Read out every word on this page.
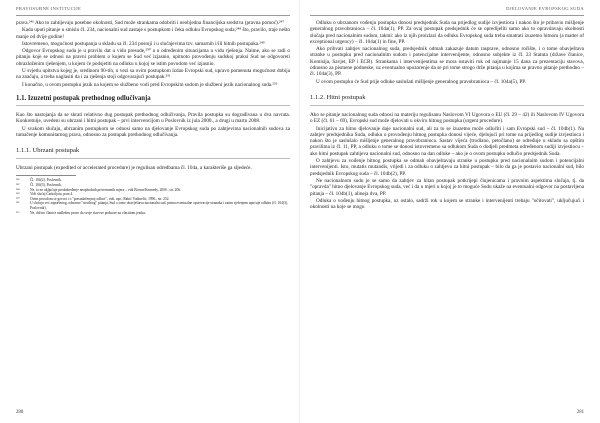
PRAVOSUĐNE INSTITUCIJE

prava.²⁴⁶ Ako to zahtijevaju posebne okolnosti, Sud može strankama odobriti i neobjedna financijska sredstva (pravna pomoć).²⁴⁷

Kada uputi pitanje u smislu čl. 234, nacionalni sud zastaje s postupkom i čeka odluku Evropskog suda;²⁴⁸ što, pravilo, traje nešto manje od dvije godine!

Istovremeno, mogućnost postupanja u skladu sa čl. 234 postoji i u slučajevima tzv. samarnih i/ili hitnih postupaka.²⁴⁹

Odgovor Evropskog suda je u pravilu dat u vidu presude,²⁵⁰ a u određenim situacijama u vidu rješenja. Naime, ako se radi o pitanju koje se odnosi na pravni problem o kojem se Sud već izjasnio, upitnoto provođenju sudskoj praksi Sud ne odgovoreti obrazloženim rješenjem, u kojem će podsjetiti na odluku u kojoj se istim povodom već izjasnio.

U svjetlu upitstva kojeg je, sredinom 90-tih, u vezi sa ovim postupkom izdao Evropski sud, upravo pomenuta mogućnost dobija na značaju, a treba naglasiti da i za rješenja stoji odgovarajući postupak.²⁵¹

I konačno, u ovom postupku jezik na kojem se službeno vodi pred Evropskim sudom je službeni jezik nacionalnog suda.²⁵²

1.1. Izuzetni postupak prethodnog odlučivanja

Kao što nastojanja da se skrati relativno dug postupak prethodnog odlučivanja, Pravila postupka su dograđivana u dva navrata. Konkretnije, uvedeni su ubrzani i hitni postupak – prvi intervencijom u Poslovnik iz jula 2000., a drugi u martu 2008.

U svakom slučaju, ubrzanim postupkom se odnosi samo na djelovanje Evropskog suda po zahtjevima nacionalnih sudova za tumačenje komunitarnog prava, odnosno za postupak prethodnog odlučivanja.

1.1.1. Ubrzani postupak

Ubrzani postupak (expedited or accelerated procedure) je regulisan odredbama čl. 104a, a karakteriše ga sljedeće.

²⁴⁶	Čl. 104(2), Poslovnik.
²⁴⁷	Čl. 104(3), Poslovnik.
²⁴⁸	Ne, to ne uključuje predodređenje neophodnih privremenih mjera – vidi Brown/Kennedy, 2000., str. 206.
²⁴⁹	Vidi slučaj Čarkoljatu, para 4.
²⁵⁰	Ovim povodom se govori i o "presudačenjnoj odluci", vidi, npr., Rakić Vodinelić, 1996., str. 252.
²⁵¹	U slučaju već zaprašenog, odnosno "sterilnog" pitanja, Sud o tome obavještava nacionalni sud, prima eventualne opservacije stranaka i zatim rješenjem upućuje odluku (čl. 104(3), Poslovnik).
²⁵²	Ne, drživo članice nadležnu pravo da svoje stavove podnose na vlastitom jeziku.
280
DJELOVANJE EVROPSKOG SUDA

Odluku o ubrzanom vođenju postupka donosi predsjednik Suda na prijedlog sudije izvjestioca i nakon što je pribavio mišljenje generalnog pravobranioca – čl. 104a(1), PP. Za ovaj postupak predsjednik će se opredijeliti samo ako to opravdavaju okolnosti slučaja pred nacionalnim sudom, takmi: ako iz njih proizlazi da odluku Evropskog suda treba smatrati izuzetno hitnom (a matter of exceptional urgency) – čl. 104a(1) in fine, PP.

Ako prihvati zahtjev nacionalnog suda, predsjednik odmah zakazuje datum rasprave, odnosno ročište, i o tome obavještava stranke u postupku pred nacionalnim sudom i potencijalne intervenijente, odnosno subjekte iz čl. 23 Statuta (države članice, Komisija, Savjet, EP i ECB). Strankama i intervenijentima se mora ostaviti rok od najmanje 15 dana za prezentaciju stavova, odnosno za pismene podneske, uz eventualno upozorenje da se pri tome strogo drže pitanja u kojima se pravno pitanje prethodno – čl. 104a(3), PP.

U ovom postupku će Sud prije odluke saslušati mišljenje generalnog pravobranioca – čl. 104a(5), PP.

1.1.2. Hitni postupak

Ako se pitanje nacionalnog suda odnosi na materiju regulisanu Naslovom VI Ugovora o EU (čl. 29 – 42) ili Naslovom IV Ugovora o EZ (čl. 61 – 69), Evropski sud može djelovati u okviru hitnog postupka (urgent procedure).

Inicijativu za hitno djelovanje daje nacionalni sud, ali za to se izuzetno može odlučiti i sam Evropski sud – čl. 104b(1). Na zahtjev predsjednika Suda, odluku o provođenju hitnog postupka donosi vijeće, djelujući pri tome na prijedlog sudije izvjestioca i nakon što je saslušalo mišljenje generalnog pravobranioca. Sastav vijeća (trodlano, petočlano) se određuje u skladu sa opštim pravilima iz čl. 11, PP, a odluku o tome se donosi istovremeno sa odlukom Suda o dodjeli predmeta određenom sudiji izvjestiocu – ako hitni postupak zahtijeva nacionalni sud, odnosno na dan odluke – ako je o ovom postupku odlučio predsjednik Suda.

O zahtjevu za vođenje hitnog postupka se odmah obavještavaju stranke u postupku pred nacionalnim sudom i potencijalni intervenijenti. Isto, mutatis mutandis, vrijedi i za odluku o zahtjevu za hitni postupak – bilo da ga je postavio nacionalni sud, bilo predsjednik Evropskog suda – čl. 104b(2), PP.

Ne nacionalnom sudu je se samo da zahtjev za hitan postupak potkrijepi činjenicama i pravnim aspektima slučaja, tj. da "opravda" hitno djelovanje Evropskog suda, već i da u mjeri u kojoj je to moguće Sudu ukaže na eventualni odgovor na postavljena pitanja – čl. 104b(1), alineja dva, PP.

Odluka o vođenju hitnog postupka, uz ostalo, sadrži rok u kojem se stranke i intervenijenti trebaju "očitovati", uključujući i okolnosti na koje se mogu

281
